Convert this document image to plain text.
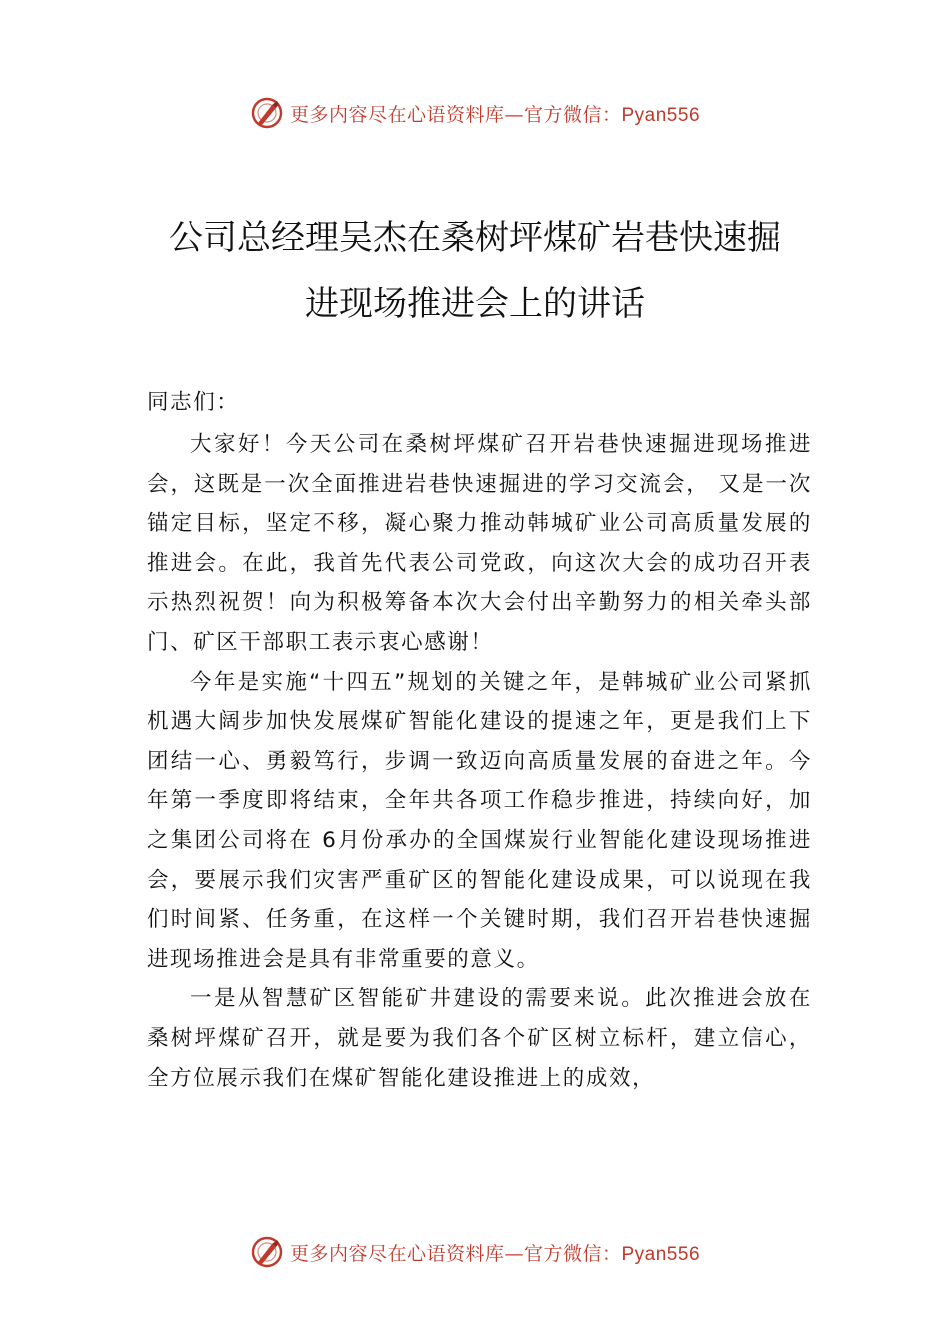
更多内容尽在心语资料库—官方微信：Pyan556
公司总经理吴杰在桑树坪煤矿岩巷快速掘
进现场推进会上的讲话
同志们：

大家好！今天公司在桑树坪煤矿召开岩巷快速掘进现场推进会，这既是一次全面推进岩巷快速掘进的学习交流会， 又是一次锚定目标，坚定不移，凝心聚力推动韩城矿业公司高质量发展的推进会。在此，我首先代表公司党政，向这次大会的成功召开表示热烈祝贺！向为积极筹备本次大会付出辛勤努力的相关牵头部门、矿区干部职工表示衷心感谢！

今年是实施“十四五”规划的关键之年，是韩城矿业公司紧抓机遇大阔步加快发展煤矿智能化建设的提速之年，更是我们上下团结一心、勇毅笃行，步调一致迈向高质量发展的奋进之年。今年第一季度即将结束，全年共各项工作稳步推进，持续向好，加之集团公司将在 6月份承办的全国煤炭行业智能化建设现场推进会，要展示我们灾害严重矿区的智能化建设成果，可以说现在我们时间紧、任务重，在这样一个关键时期，我们召开岩巷快速掘进现场推进会是具有非常重要的意义。

一是从智慧矿区智能矿井建设的需要来说。此次推进会放在桑树坪煤矿召开，就是要为我们各个矿区树立标杆，建立信心，全方位展示我们在煤矿智能化建设推进上的成效，

更多内容尽在心语资料库—官方微信：Pyan556
